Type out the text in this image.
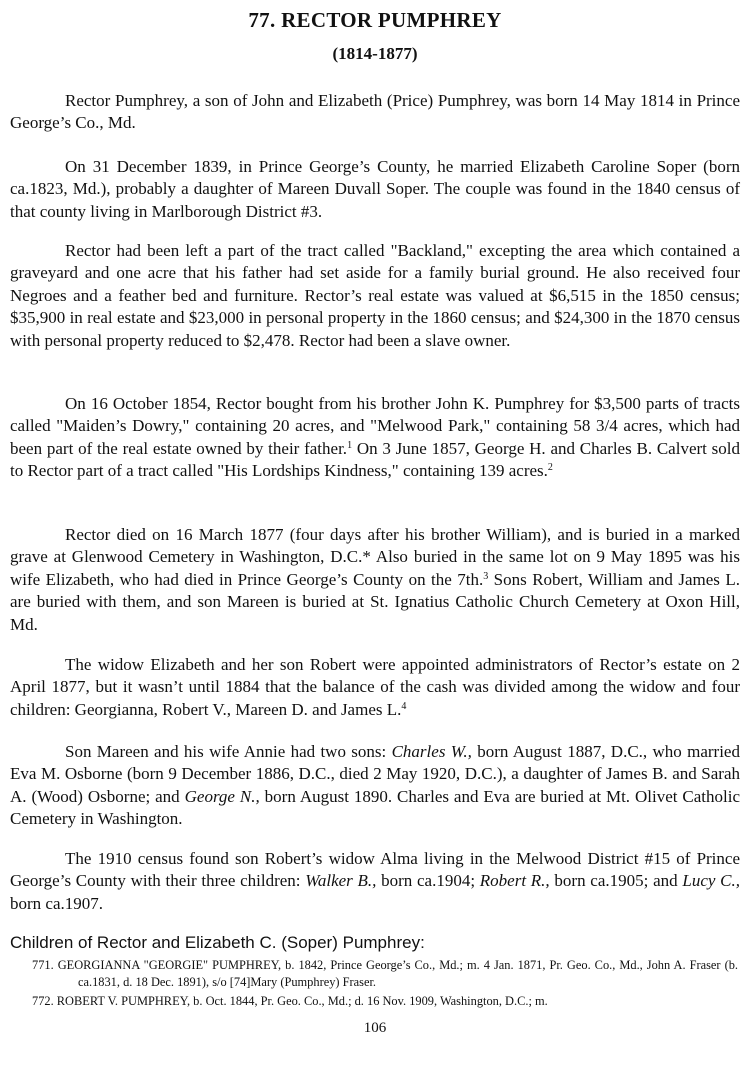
77. RECTOR PUMPHREY
(1814-1877)

Rector Pumphrey, a son of John and Elizabeth (Price) Pumphrey, was born 14 May 1814 in Prince George’s Co., Md.

On 31 December 1839, in Prince George’s County, he married Elizabeth Caroline Soper (born ca.1823, Md.), probably a daughter of Mareen Duvall Soper. The couple was found in the 1840 census of that county living in Marlborough District #3.

Rector had been left a part of the tract called "Backland," excepting the area which contained a graveyard and one acre that his father had set aside for a family burial ground. He also received four Negroes and a feather bed and furniture. Rector’s real estate was valued at $6,515 in the 1850 census; $35,900 in real estate and $23,000 in personal property in the 1860 census; and $24,300 in the 1870 census with personal property reduced to $2,478. Rector had been a slave owner.

On 16 October 1854, Rector bought from his brother John K. Pumphrey for $3,500 parts of tracts called "Maiden’s Dowry," containing 20 acres, and "Melwood Park," containing 58 3/4 acres, which had been part of the real estate owned by their father.$^1$ On 3 June 1857, George H. and Charles B. Calvert sold to Rector part of a tract called "His Lordships Kindness," containing 139 acres.$^2$

Rector died on 16 March 1877 (four days after his brother William), and is buried in a marked grave at Glenwood Cemetery in Washington, D.C.* Also buried in the same lot on 9 May 1895 was his wife Elizabeth, who had died in Prince George’s County on the 7th.$^3$ Sons Robert, William and James L. are buried with them, and son Mareen is buried at St. Ignatius Catholic Church Cemetery at Oxon Hill, Md.

The widow Elizabeth and her son Robert were appointed administrators of Rector’s estate on 2 April 1877, but it wasn’t until 1884 that the balance of the cash was divided among the widow and four children: Georgianna, Robert V., Mareen D. and James L.$^4$

Son Mareen and his wife Annie had two sons: Charles W., born August 1887, D.C., who married Eva M. Osborne (born 9 December 1886, D.C., died 2 May 1920, D.C.), a daughter of James B. and Sarah A. (Wood) Osborne; and George N., born August 1890. Charles and Eva are buried at Mt. Olivet Catholic Cemetery in Washington.

The 1910 census found son Robert’s widow Alma living in the Melwood District #15 of Prince George’s County with their three children: Walker B., born ca.1904; Robert R., born ca.1905; and Lucy C., born ca.1907.

Children of Rector and Elizabeth C. (Soper) Pumphrey:
771. GEORGIANNA "GEORGIE" PUMPHREY, b. 1842, Prince George’s Co., Md.; m. 4 Jan. 1871, Pr. Geo. Co., Md., John A. Fraser (b. ca.1831, d. 18 Dec. 1891), s/o [74]Mary (Pumphrey) Fraser.
772. ROBERT V. PUMPHREY, b. Oct. 1844, Pr. Geo. Co., Md.; d. 16 Nov. 1909, Washington, D.C.; m.
106
